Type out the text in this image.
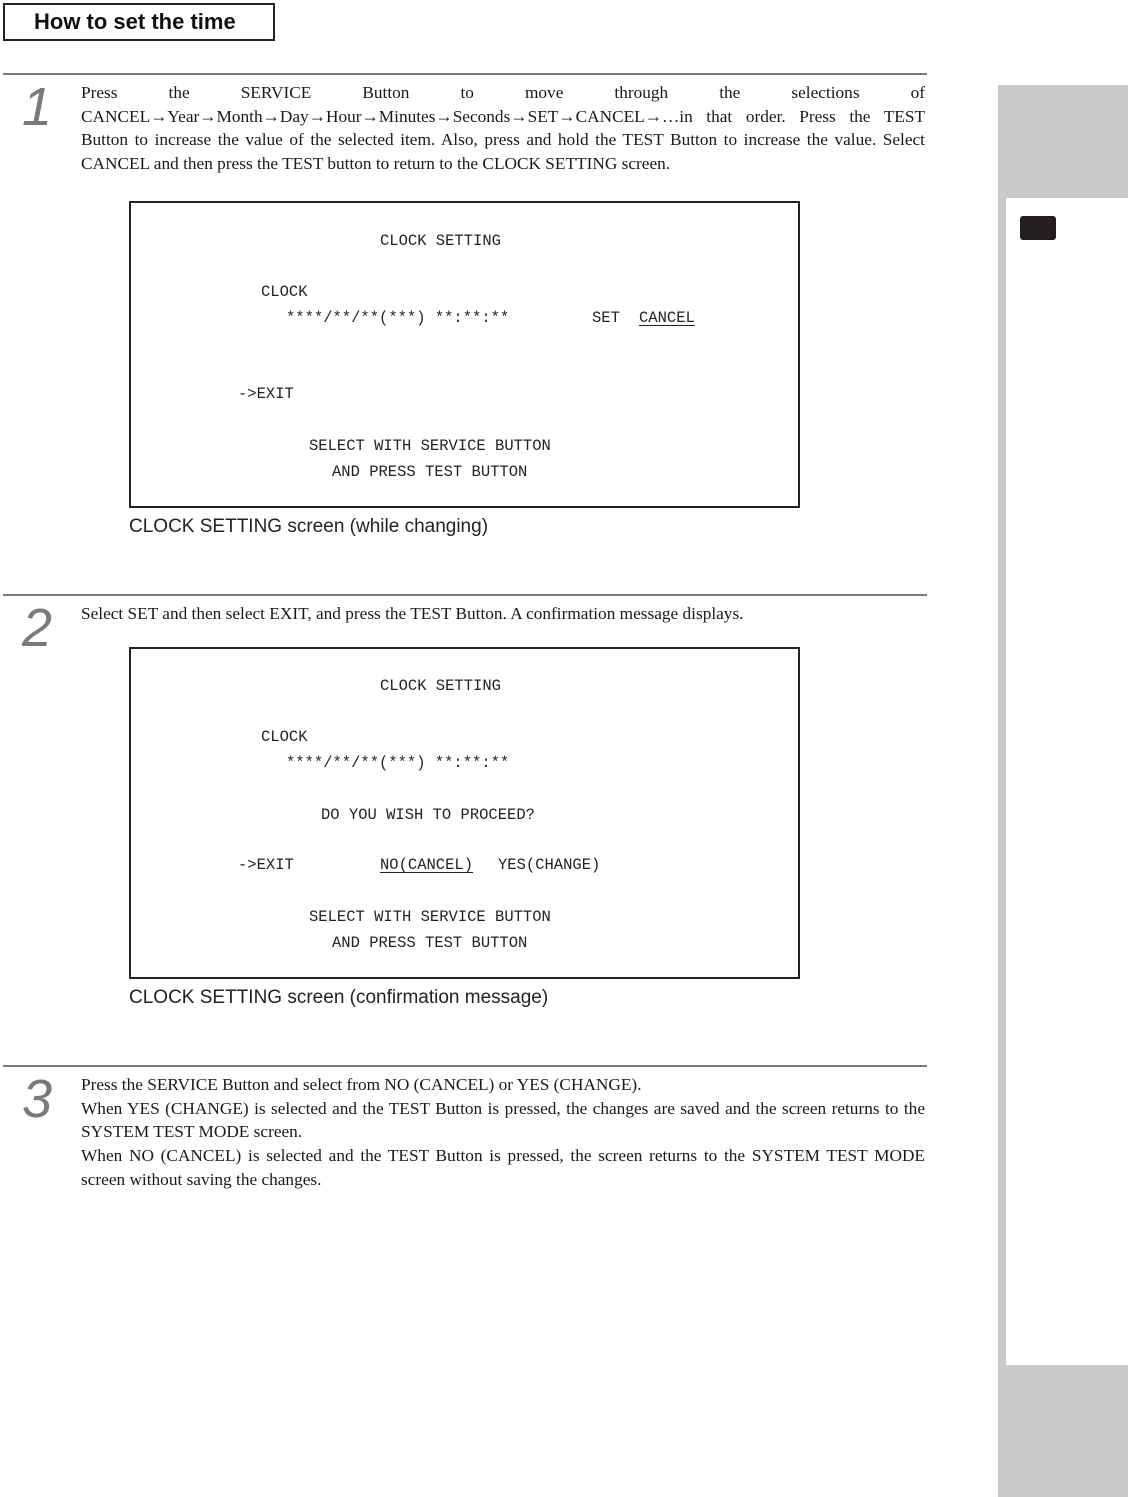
How to set the time
1 Press the SERVICE Button to move through the selections of CANCEL→Year→Month→Day→Hour→Minutes→Seconds→SET→CANCEL→…in that order. Press the TEST Button to increase the value of the selected item. Also, press and hold the TEST Button to increase the value. Select CANCEL and then press the TEST button to return to the CLOCK SETTING screen.

CLOCK SETTING
CLOCK
****/**/**(***) **:**:**	SET CANCEL
->EXIT
SELECT WITH SERVICE BUTTON
AND PRESS TEST BUTTON
CLOCK SETTING screen (while changing)
2 Select SET and then select EXIT, and press the TEST Button. A confirmation message displays.

CLOCK SETTING
CLOCK
****/**/**(***) **:**:**
DO YOU WISH TO PROCEED?
->EXIT	NO(CANCEL) YES(CHANGE)
SELECT WITH SERVICE BUTTON
AND PRESS TEST BUTTON
CLOCK SETTING screen (confirmation message)
3 Press the SERVICE Button and select from NO (CANCEL) or YES (CHANGE).

When YES (CHANGE) is selected and the TEST Button is pressed, the changes are saved and the screen returns to the SYSTEM TEST MODE screen.

When NO (CANCEL) is selected and the TEST Button is pressed, the screen returns to the SYSTEM TEST MODE screen without saving the changes.
